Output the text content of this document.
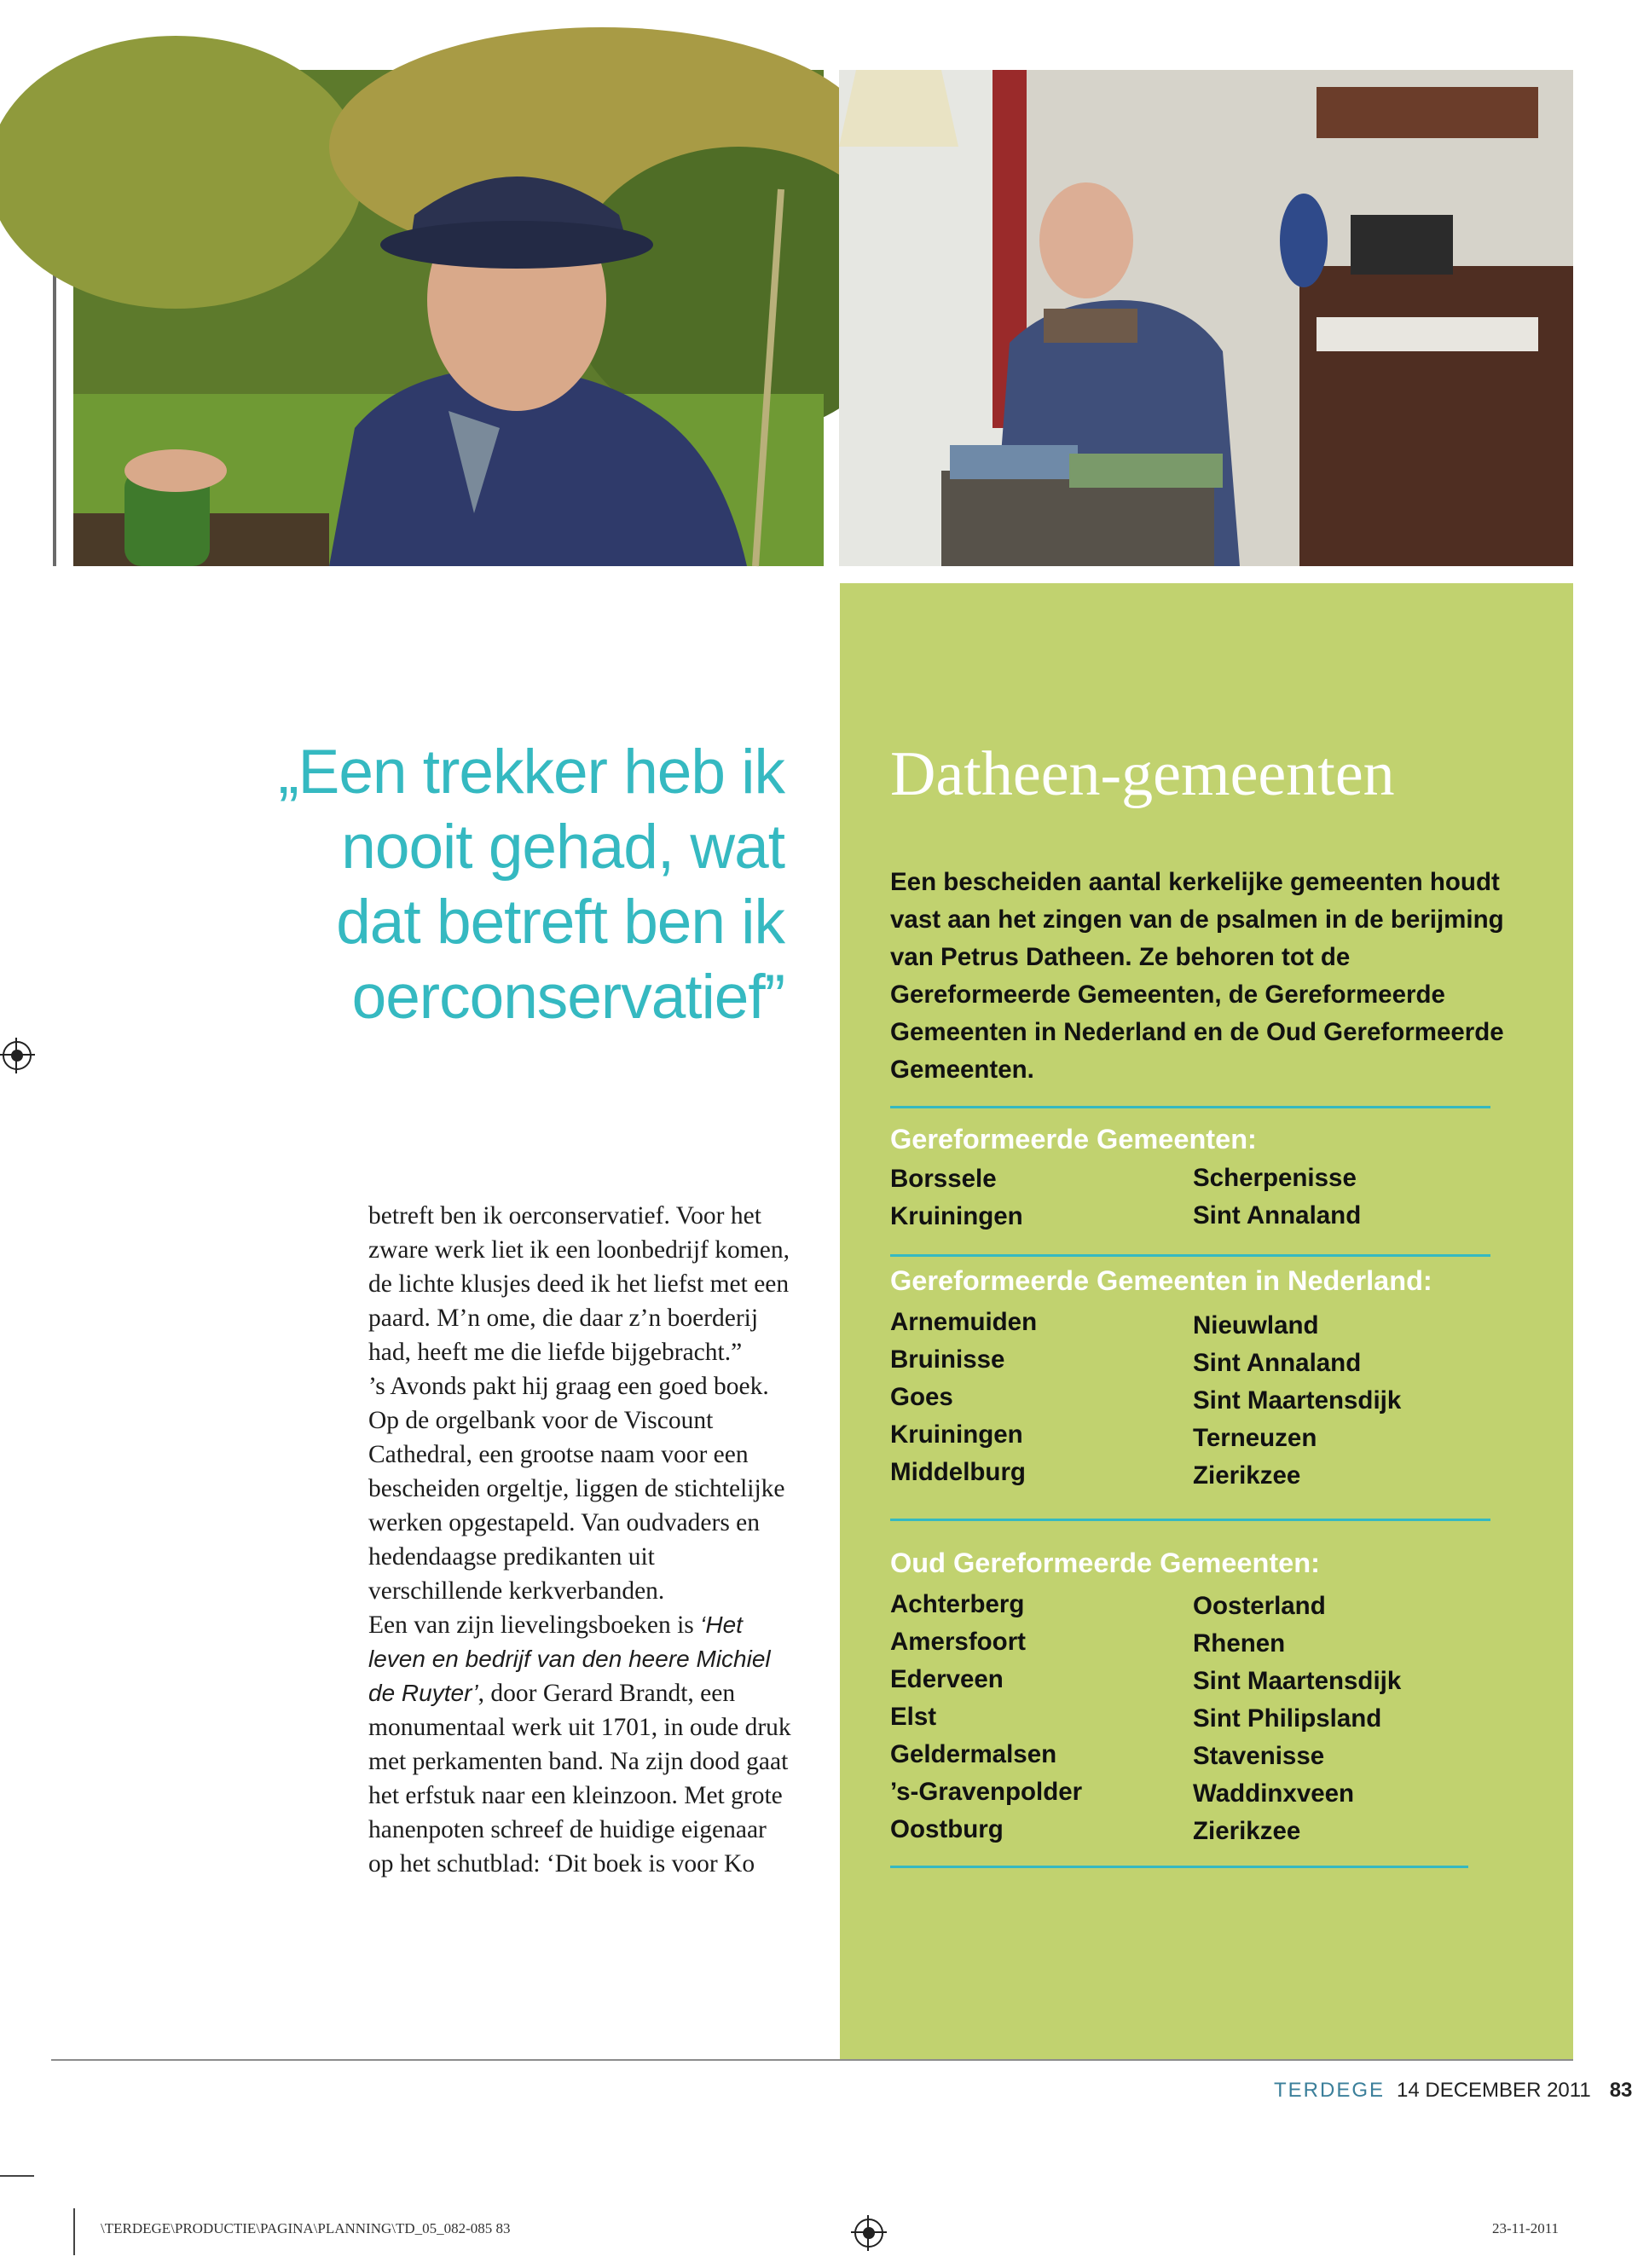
„Een trekker heb ik
nooit gehad, wat
dat betreft ben ik
oerconservatief”

betreft ben ik oerconservatief. Voor het zware werk liet ik een loonbedrijf komen, de lichte klusjes deed ik het liefst met een paard. M’n ome, die daar z’n boerderij had, heeft me die liefde bijgebracht.”

’s Avonds pakt hij graag een goed boek. Op de orgelbank voor de Viscount Cathedral, een grootse naam voor een bescheiden orgeltje, liggen de stichtelijke werken opgestapeld. Van oudvaders en hedendaagse predikanten uit verschillende kerkverbanden.

Een van zijn lievelingsboeken is ‘Het leven en bedrijf van den heere Michiel de Ruyter’, door Gerard Brandt, een monumentaal werk uit 1701, in oude druk met perkamenten band. Na zijn dood gaat het erfstuk naar een kleinzoon. Met grote hanenpoten schreef de huidige eigenaar op het schutblad: ‘Dit boek is voor Ko

Datheen-gemeenten
Een bescheiden aantal kerkelijke gemeenten houdt vast aan het zingen van de psalmen in de berijming van Petrus Datheen. Ze behoren tot de Gereformeerde Gemeenten, de Gereformeerde Gemeenten in Nederland en de Oud Gereformeerde Gemeenten.
Gereformeerde Gemeenten:
Borssele
Kruiningen
Scherpenisse
Sint Annaland
Gereformeerde Gemeenten in Nederland:
Arnemuiden
Bruinisse
Goes
Kruiningen
Middelburg
Nieuwland
Sint Annaland
Sint Maartensdijk
Terneuzen
Zierikzee
Oud Gereformeerde Gemeenten:
Achterberg
Amersfoort
Ederveen
Elst
Geldermalsen
’s-Gravenpolder
Oostburg
Oosterland
Rhenen
Sint Maartensdijk
Sint Philipsland
Stavenisse
Waddinxveen
Zierikzee
TERDEGE 14 DECEMBER 2011 83
\TERDEGE\PRODUCTIE\PAGINA\PLANNING\TD_05_082-085 83	23-11-2011
